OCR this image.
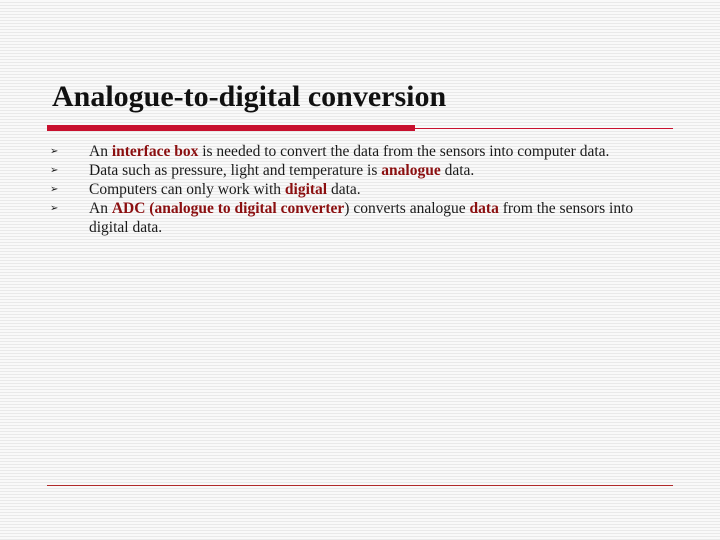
Analogue-to-digital conversion
➢ An interface box is needed to convert the data from the sensors into computer data.
➢ Data such as pressure, light and temperature is analogue data.
➢ Computers can only work with digital data.
➢ An ADC (analogue to digital converter) converts analogue data from the sensors into digital data.
